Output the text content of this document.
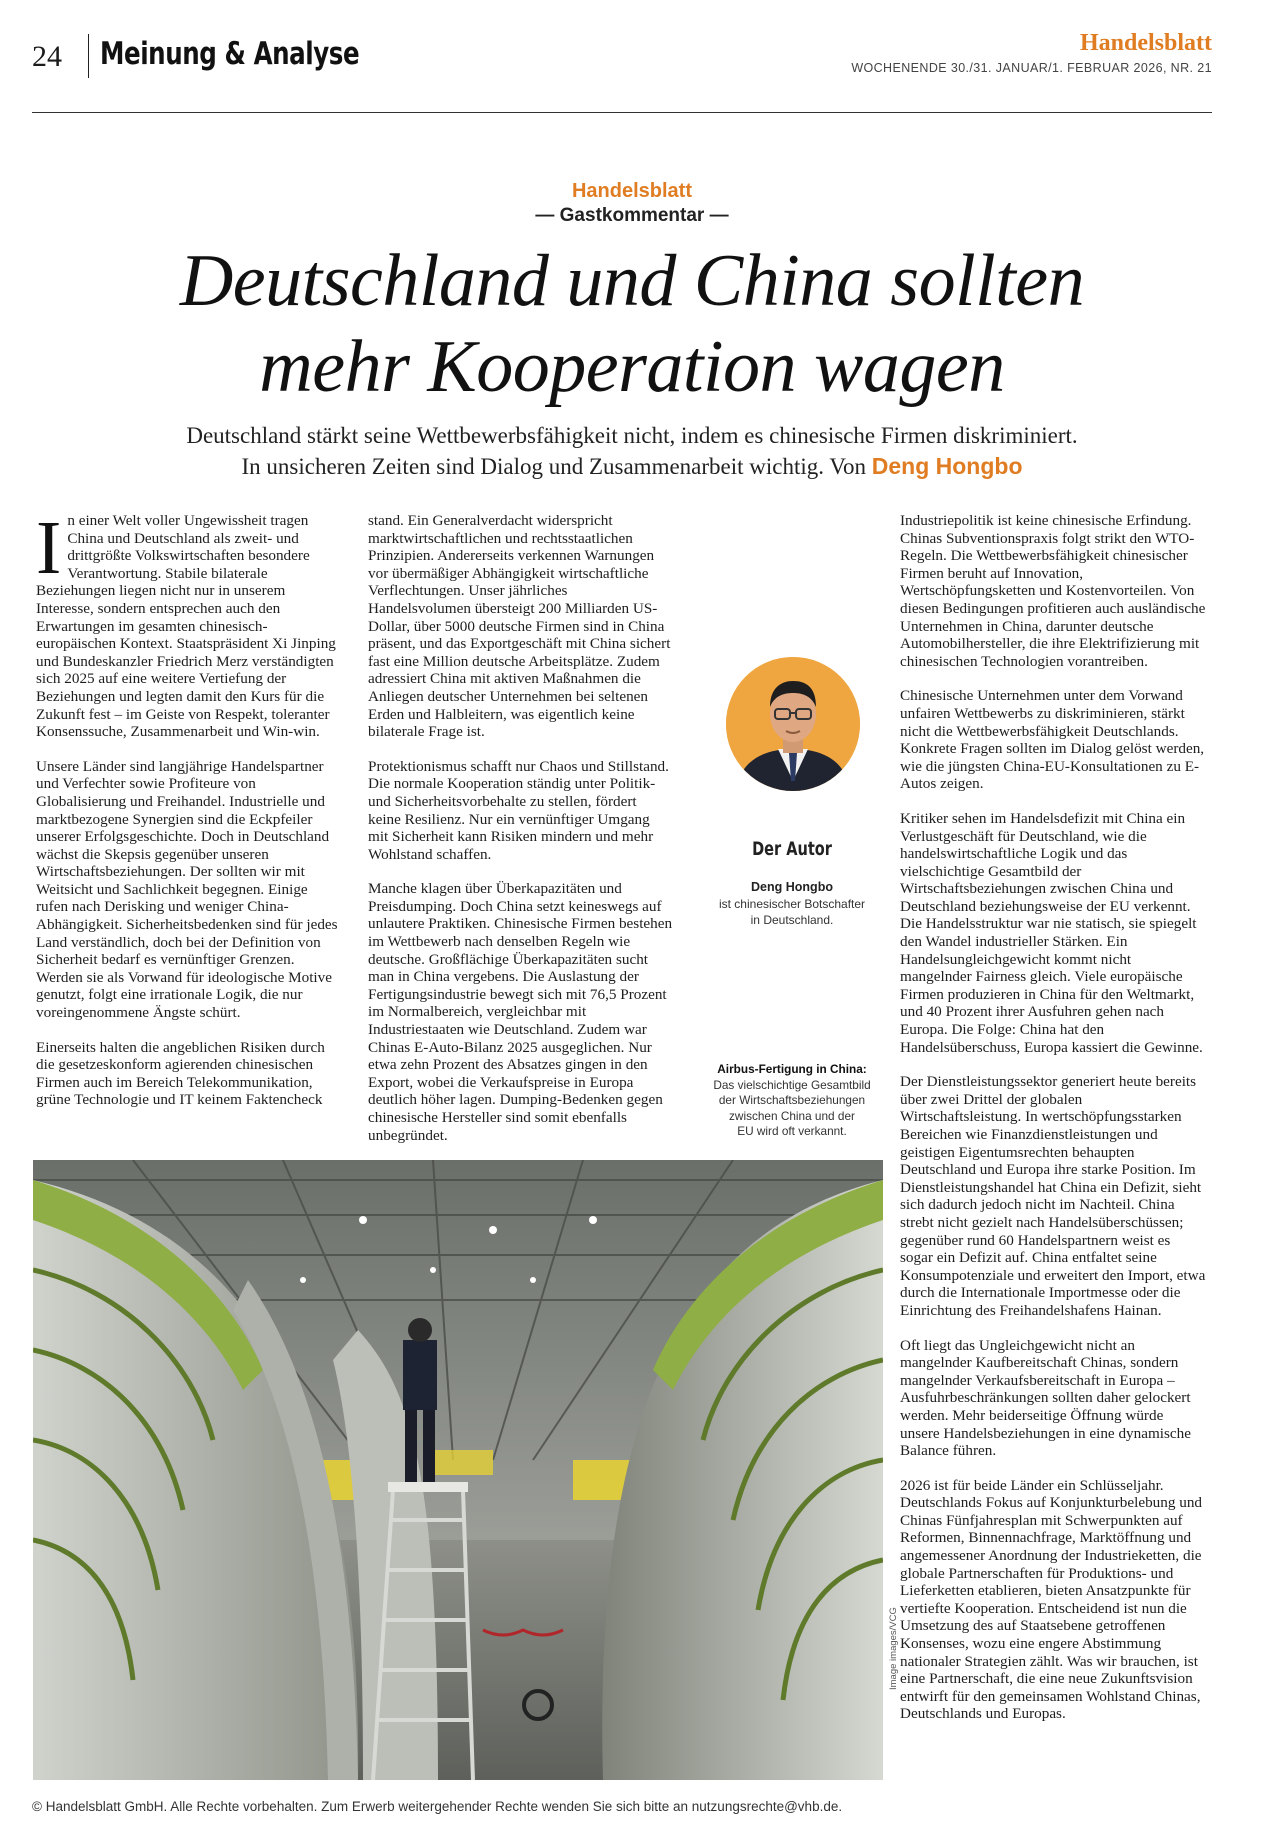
24 Meinung & Analyse	Handelsblatt
WOCHENENDE 30./31. JANUAR/1. FEBRUAR 2026, NR. 21
Handelsblatt
— Gastkommentar —
Deutschland und China sollten
mehr Kooperation wagen
Deutschland stärkt seine Wettbewerbsfähigkeit nicht, indem es chinesische Firmen diskriminiert.
In unsicheren Zeiten sind Dialog und Zusammenarbeit wichtig. Von Deng Hongbo

In einer Welt voller Ungewissheit tragen China und Deutschland als zweit- und drittgrößte Volkswirtschaften besondere Verantwortung. Stabile bilaterale Beziehungen liegen nicht nur in unserem Interesse, sondern entsprechen auch den Erwartungen im gesamten chinesisch-europäischen Kontext. Staatspräsident Xi Jinping und Bundeskanzler Friedrich Merz verständigten sich 2025 auf eine weitere Vertiefung der Beziehungen und legten damit den Kurs für die Zukunft fest – im Geiste von Respekt, toleranter Konsenssuche, Zusammenarbeit und Win-win.

Unsere Länder sind langjährige Handelspartner und Verfechter sowie Profiteure von Globalisierung und Freihandel. Industrielle und marktbezogene Synergien sind die Eckpfeiler unserer Erfolgsgeschichte. Doch in Deutschland wächst die Skepsis gegenüber unseren Wirtschaftsbeziehungen. Der sollten wir mit Weitsicht und Sachlichkeit begegnen. Einige rufen nach Derisking und weniger China-Abhängigkeit. Sicherheitsbedenken sind für jedes Land verständlich, doch bei der Definition von Sicherheit bedarf es vernünftiger Grenzen. Werden sie als Vorwand für ideologische Motive genutzt, folgt eine irrationale Logik, die nur voreingenommene Ängste schürt.

Einerseits halten die angeblichen Risiken durch die gesetzeskonform agierenden chinesischen Firmen auch im Bereich Telekommunikation, grüne Technologie und IT keinem Faktencheck

stand. Ein Generalverdacht widerspricht marktwirtschaftlichen und rechtsstaatlichen Prinzipien. Andererseits verkennen Warnungen vor übermäßiger Abhängigkeit wirtschaftliche Verflechtungen. Unser jährliches Handelsvolumen übersteigt 200 Milliarden US-Dollar, über 5000 deutsche Firmen sind in China präsent, und das Exportgeschäft mit China sichert fast eine Million deutsche Arbeitsplätze. Zudem adressiert China mit aktiven Maßnahmen die Anliegen deutscher Unternehmen bei seltenen Erden und Halbleitern, was eigentlich keine bilaterale Frage ist.

Protektionismus schafft nur Chaos und Stillstand. Die normale Kooperation ständig unter Politik- und Sicherheitsvorbehalte zu stellen, fördert keine Resilienz. Nur ein vernünftiger Umgang mit Sicherheit kann Risiken mindern und mehr Wohlstand schaffen.

Manche klagen über Überkapazitäten und Preisdumping. Doch China setzt keineswegs auf unlautere Praktiken. Chinesische Firmen bestehen im Wettbewerb nach denselben Regeln wie deutsche. Großflächige Überkapazitäten sucht man in China vergebens. Die Auslastung der Fertigungsindustrie bewegt sich mit 76,5 Prozent im Normalbereich, vergleichbar mit Industriestaaten wie Deutschland. Zudem war Chinas E-Auto-Bilanz 2025 ausgeglichen. Nur etwa zehn Prozent des Absatzes gingen in den Export, wobei die Verkaufspreise in Europa deutlich höher lagen. Dumping-Bedenken gegen chinesische Hersteller sind somit ebenfalls unbegründet.

Der Autor
Deng Hongbo
ist chinesischer Botschafter
in Deutschland.
Airbus-Fertigung in China:
Das vielschichtige Gesamtbild
der Wirtschaftsbeziehungen
zwischen China und der
EU wird oft verkannt.

Industriepolitik ist keine chinesische Erfindung. Chinas Subventionspraxis folgt strikt den WTO-Regeln. Die Wettbewerbsfähigkeit chinesischer Firmen beruht auf Innovation, Wertschöpfungsketten und Kostenvorteilen. Von diesen Bedingungen profitieren auch ausländische Unternehmen in China, darunter deutsche Automobilhersteller, die ihre Elektrifizierung mit chinesischen Technologien vorantreiben.

Chinesische Unternehmen unter dem Vorwand unfairen Wettbewerbs zu diskriminieren, stärkt nicht die Wettbewerbsfähigkeit Deutschlands. Konkrete Fragen sollten im Dialog gelöst werden, wie die jüngsten China-EU-Konsultationen zu E-Autos zeigen.

Kritiker sehen im Handelsdefizit mit China ein Verlustgeschäft für Deutschland, wie die handelswirtschaftliche Logik und das vielschichtige Gesamtbild der Wirtschaftsbeziehungen zwischen China und Deutschland beziehungsweise der EU verkennt. Die Handelsstruktur war nie statisch, sie spiegelt den Wandel industrieller Stärken. Ein Handelsungleichgewicht kommt nicht mangelnder Fairness gleich. Viele europäische Firmen produzieren in China für den Weltmarkt, und 40 Prozent ihrer Ausfuhren gehen nach Europa. Die Folge: China hat den Handelsüberschuss, Europa kassiert die Gewinne.

Der Dienstleistungssektor generiert heute bereits über zwei Drittel der globalen Wirtschaftsleistung. In wertschöpfungsstarken Bereichen wie Finanzdienstleistungen und geistigen Eigentumsrechten behaupten Deutschland und Europa ihre starke Position. Im Dienstleistungshandel hat China ein Defizit, sieht sich dadurch jedoch nicht im Nachteil. China strebt nicht gezielt nach Handelsüberschüssen; gegenüber rund 60 Handelspartnern weist es sogar ein Defizit auf. China entfaltet seine Konsumpotenziale und erweitert den Import, etwa durch die Internationale Importmesse oder die Einrichtung des Freihandelshafens Hainan.

Oft liegt das Ungleichgewicht nicht an mangelnder Kaufbereitschaft Chinas, sondern mangelnder Verkaufsbereitschaft in Europa – Ausfuhrbeschränkungen sollten daher gelockert werden. Mehr beiderseitige Öffnung würde unsere Handelsbeziehungen in eine dynamische Balance führen.

2026 ist für beide Länder ein Schlüsseljahr. Deutschlands Fokus auf Konjunkturbelebung und Chinas Fünfjahresplan mit Schwerpunkten auf Reformen, Binnennachfrage, Marktöffnung und angemessener Anordnung der Industrieketten, die globale Partnerschaften für Produktions- und Lieferketten etablieren, bieten Ansatzpunkte für vertiefte Kooperation. Entscheidend ist nun die Umsetzung des auf Staatsebene getroffenen Konsenses, wozu eine engere Abstimmung nationaler Strategien zählt. Was wir brauchen, ist eine Partnerschaft, die eine neue Zukunftsvision entwirft für den gemeinsamen Wohlstand Chinas, Deutschlands und Europas.

Image images/VCG
© Handelsblatt GmbH. Alle Rechte vorbehalten. Zum Erwerb weitergehender Rechte wenden Sie sich bitte an nutzungsrechte@vhb.de.
